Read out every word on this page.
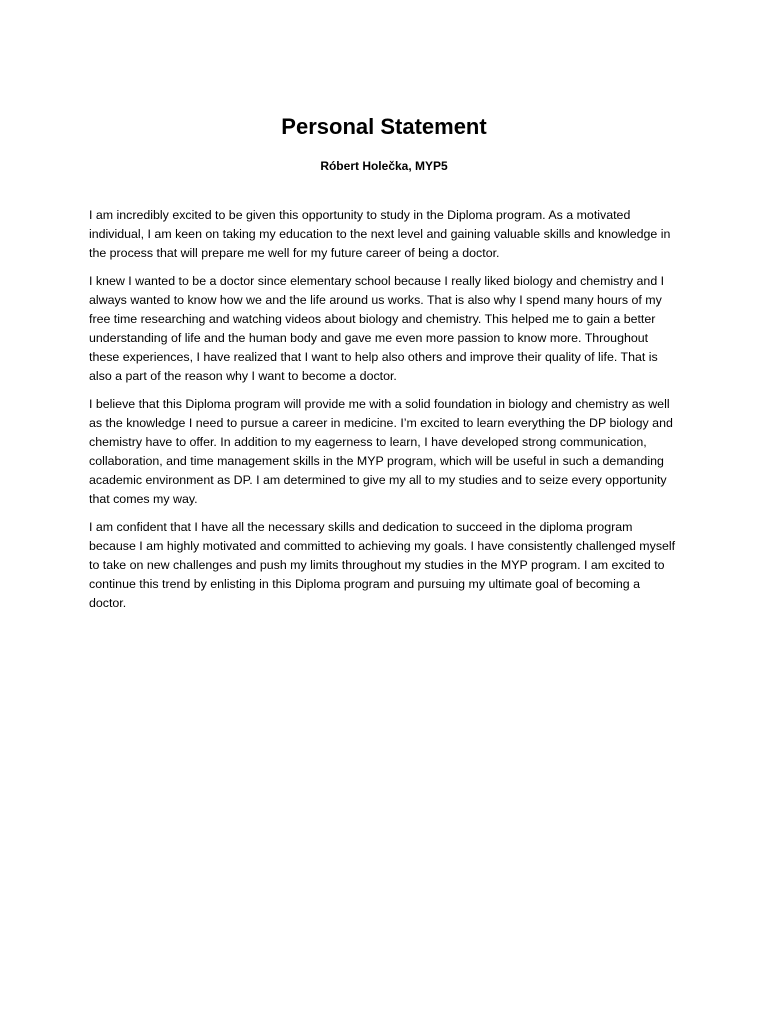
Personal Statement
Róbert Holečka, MYP5

I am incredibly excited to be given this opportunity to study in the Diploma program. As a motivated individual, I am keen on taking my education to the next level and gaining valuable skills and knowledge in the process that will prepare me well for my future career of being a doctor.

I knew I wanted to be a doctor since elementary school because I really liked biology and chemistry and I always wanted to know how we and the life around us works. That is also why I spend many hours of my free time researching and watching videos about biology and chemistry. This helped me to gain a better understanding of life and the human body and gave me even more passion to know more. Throughout these experiences, I have realized that I want to help also others and improve their quality of life. That is also a part of the reason why I want to become a doctor.

I believe that this Diploma program will provide me with a solid foundation in biology and chemistry as well as the knowledge I need to pursue a career in medicine. I’m excited to learn everything the DP biology and chemistry have to offer. In addition to my eagerness to learn, I have developed strong communication, collaboration, and time management skills in the MYP program, which will be useful in such a demanding academic environment as DP. I am determined to give my all to my studies and to seize every opportunity that comes my way.

I am confident that I have all the necessary skills and dedication to succeed in the diploma program because I am highly motivated and committed to achieving my goals. I have consistently challenged myself to take on new challenges and push my limits throughout my studies in the MYP program. I am excited to continue this trend by enlisting in this Diploma program and pursuing my ultimate goal of becoming a doctor.
